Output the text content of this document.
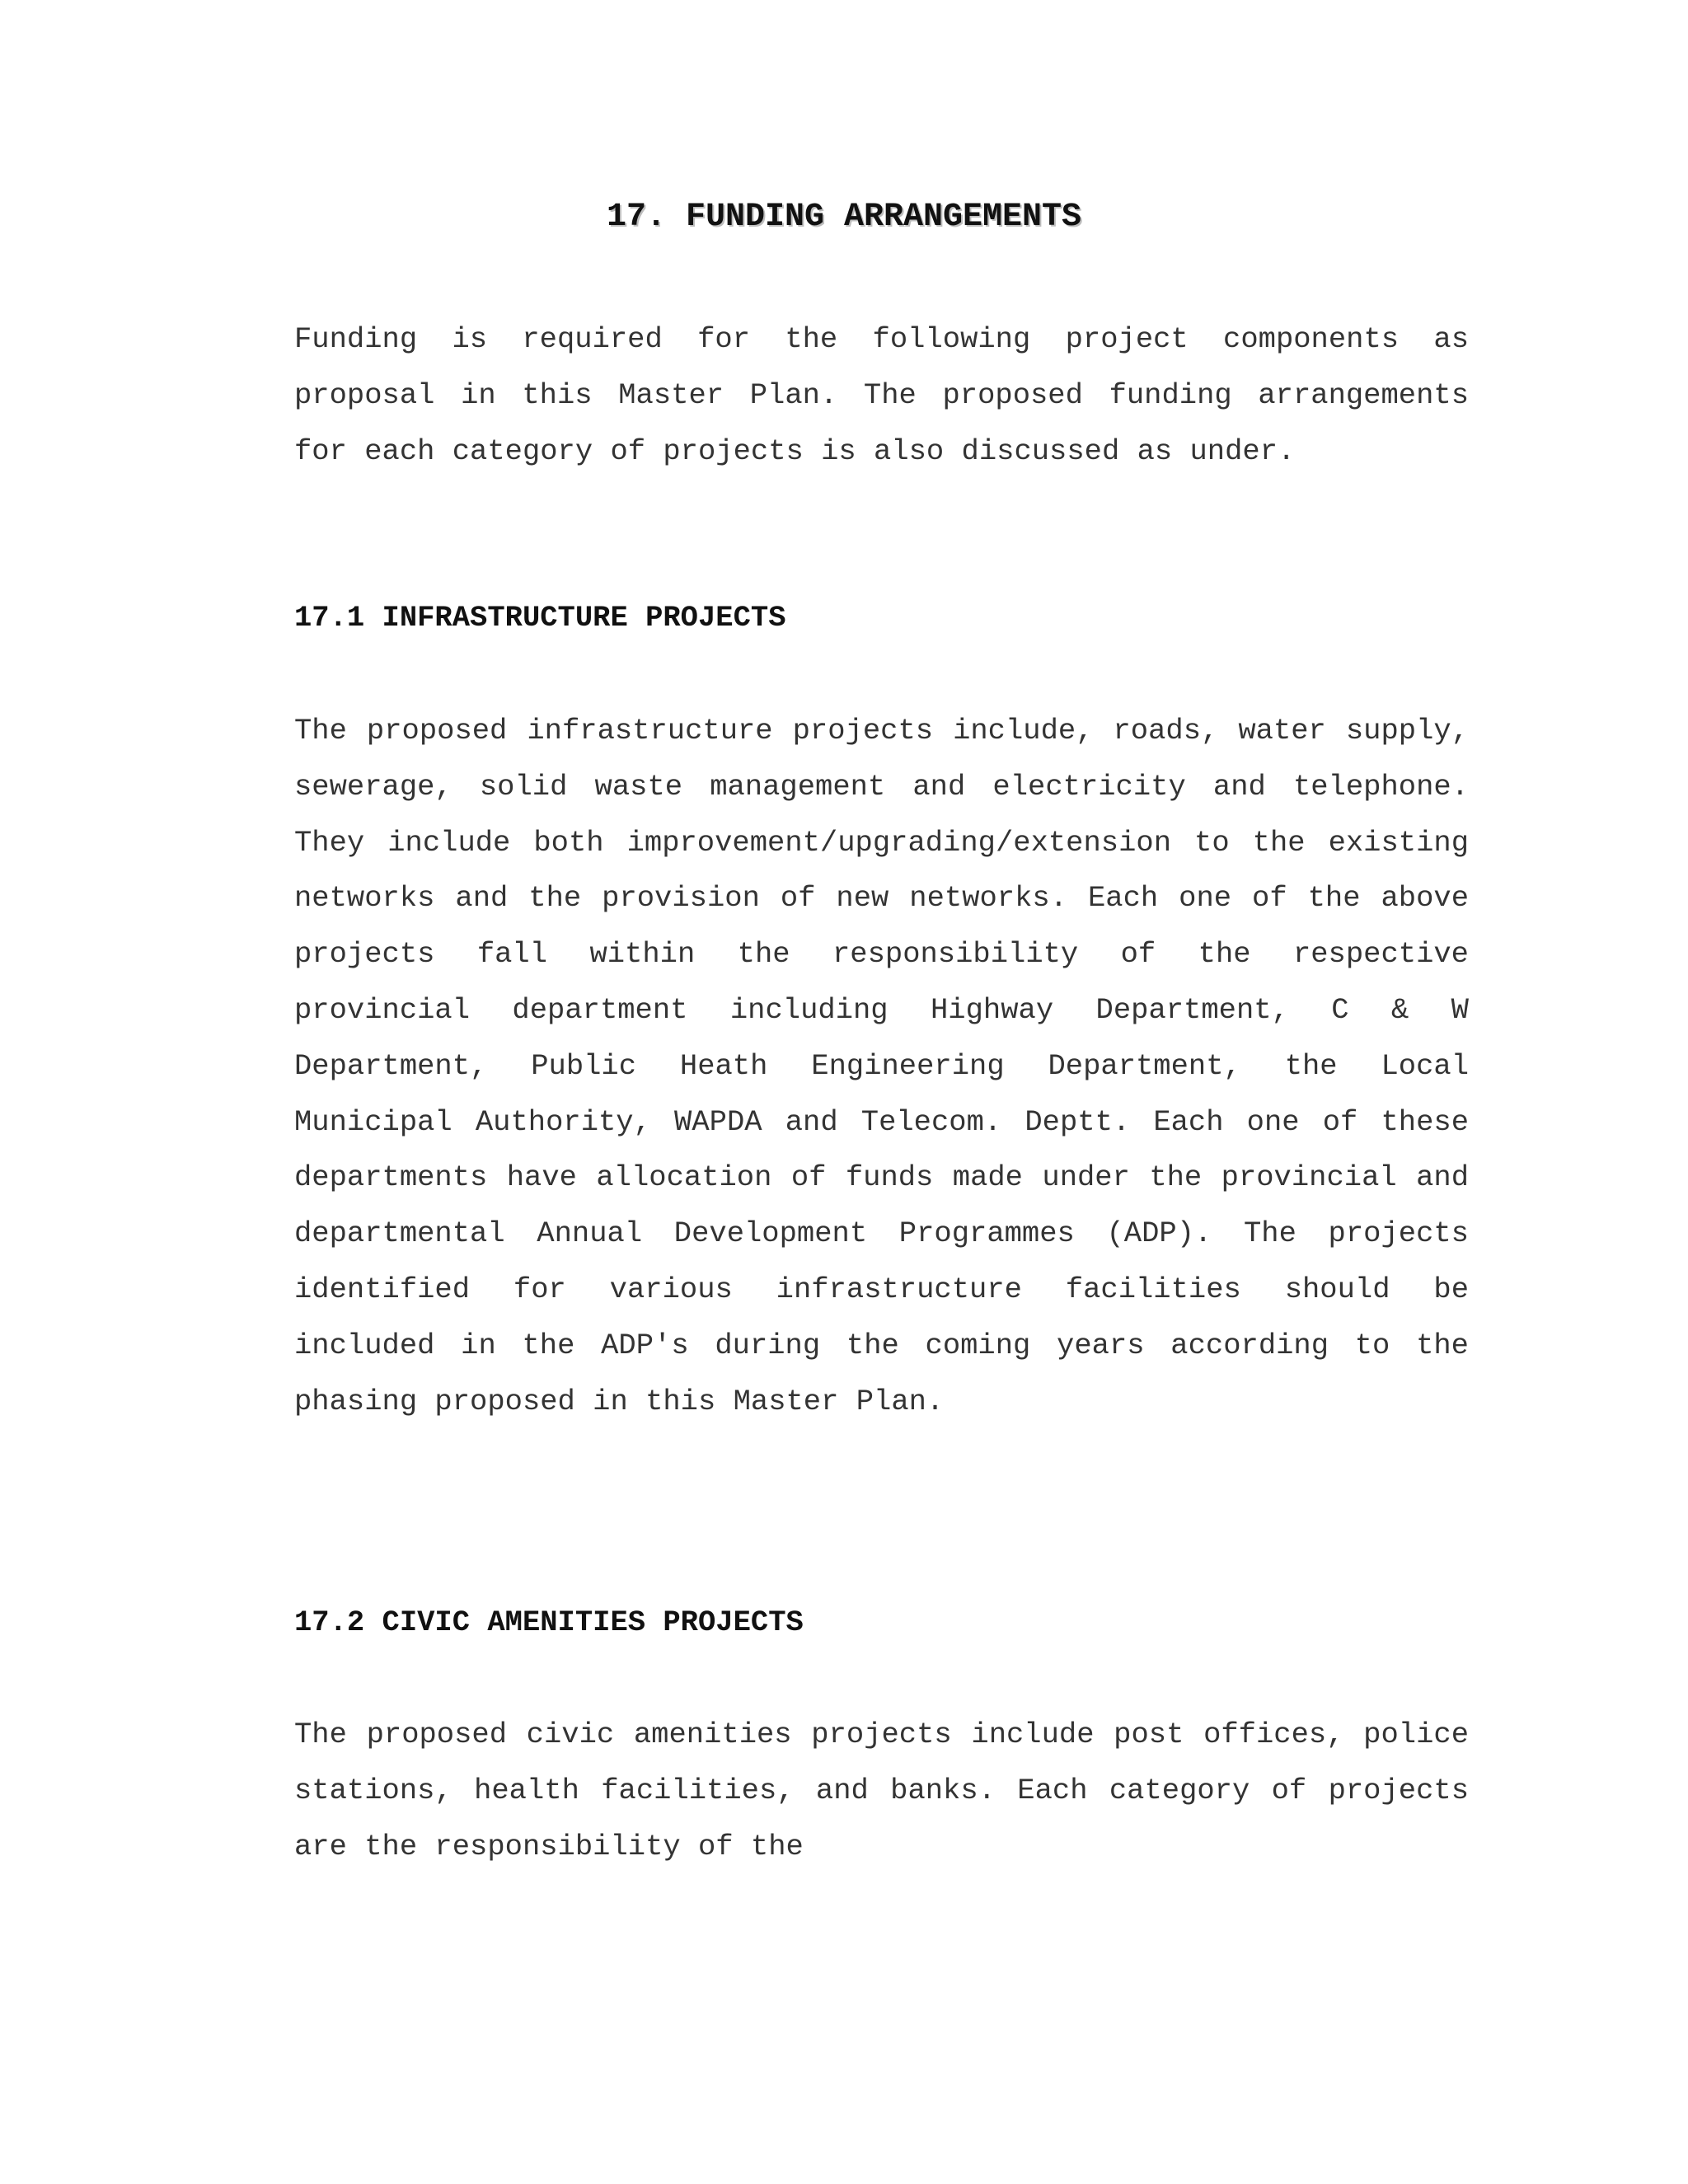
17. FUNDING ARRANGEMENTS

Funding is required for the following project components as proposal in this Master Plan. The proposed funding arrangements for each category of projects is also discussed as under.

17.1 INFRASTRUCTURE PROJECTS

The proposed infrastructure projects include, roads, water supply, sewerage, solid waste management and electricity and telephone. They include both improvement/upgrading/extension to the existing networks and the provision of new networks. Each one of the above projects fall within the responsibility of the respective provincial department including Highway Department, C & W Department, Public Heath Engineering Department, the Local Municipal Authority, WAPDA and Telecom. Deptt. Each one of these departments have allocation of funds made under the provincial and departmental Annual Development Programmes (ADP). The projects identified for various infrastructure facilities should be included in the ADP's during the coming years according to the phasing proposed in this Master Plan.

17.2 CIVIC AMENITIES PROJECTS

The proposed civic amenities projects include post offices, police stations, health facilities, and banks. Each category of projects are the responsibility of the
